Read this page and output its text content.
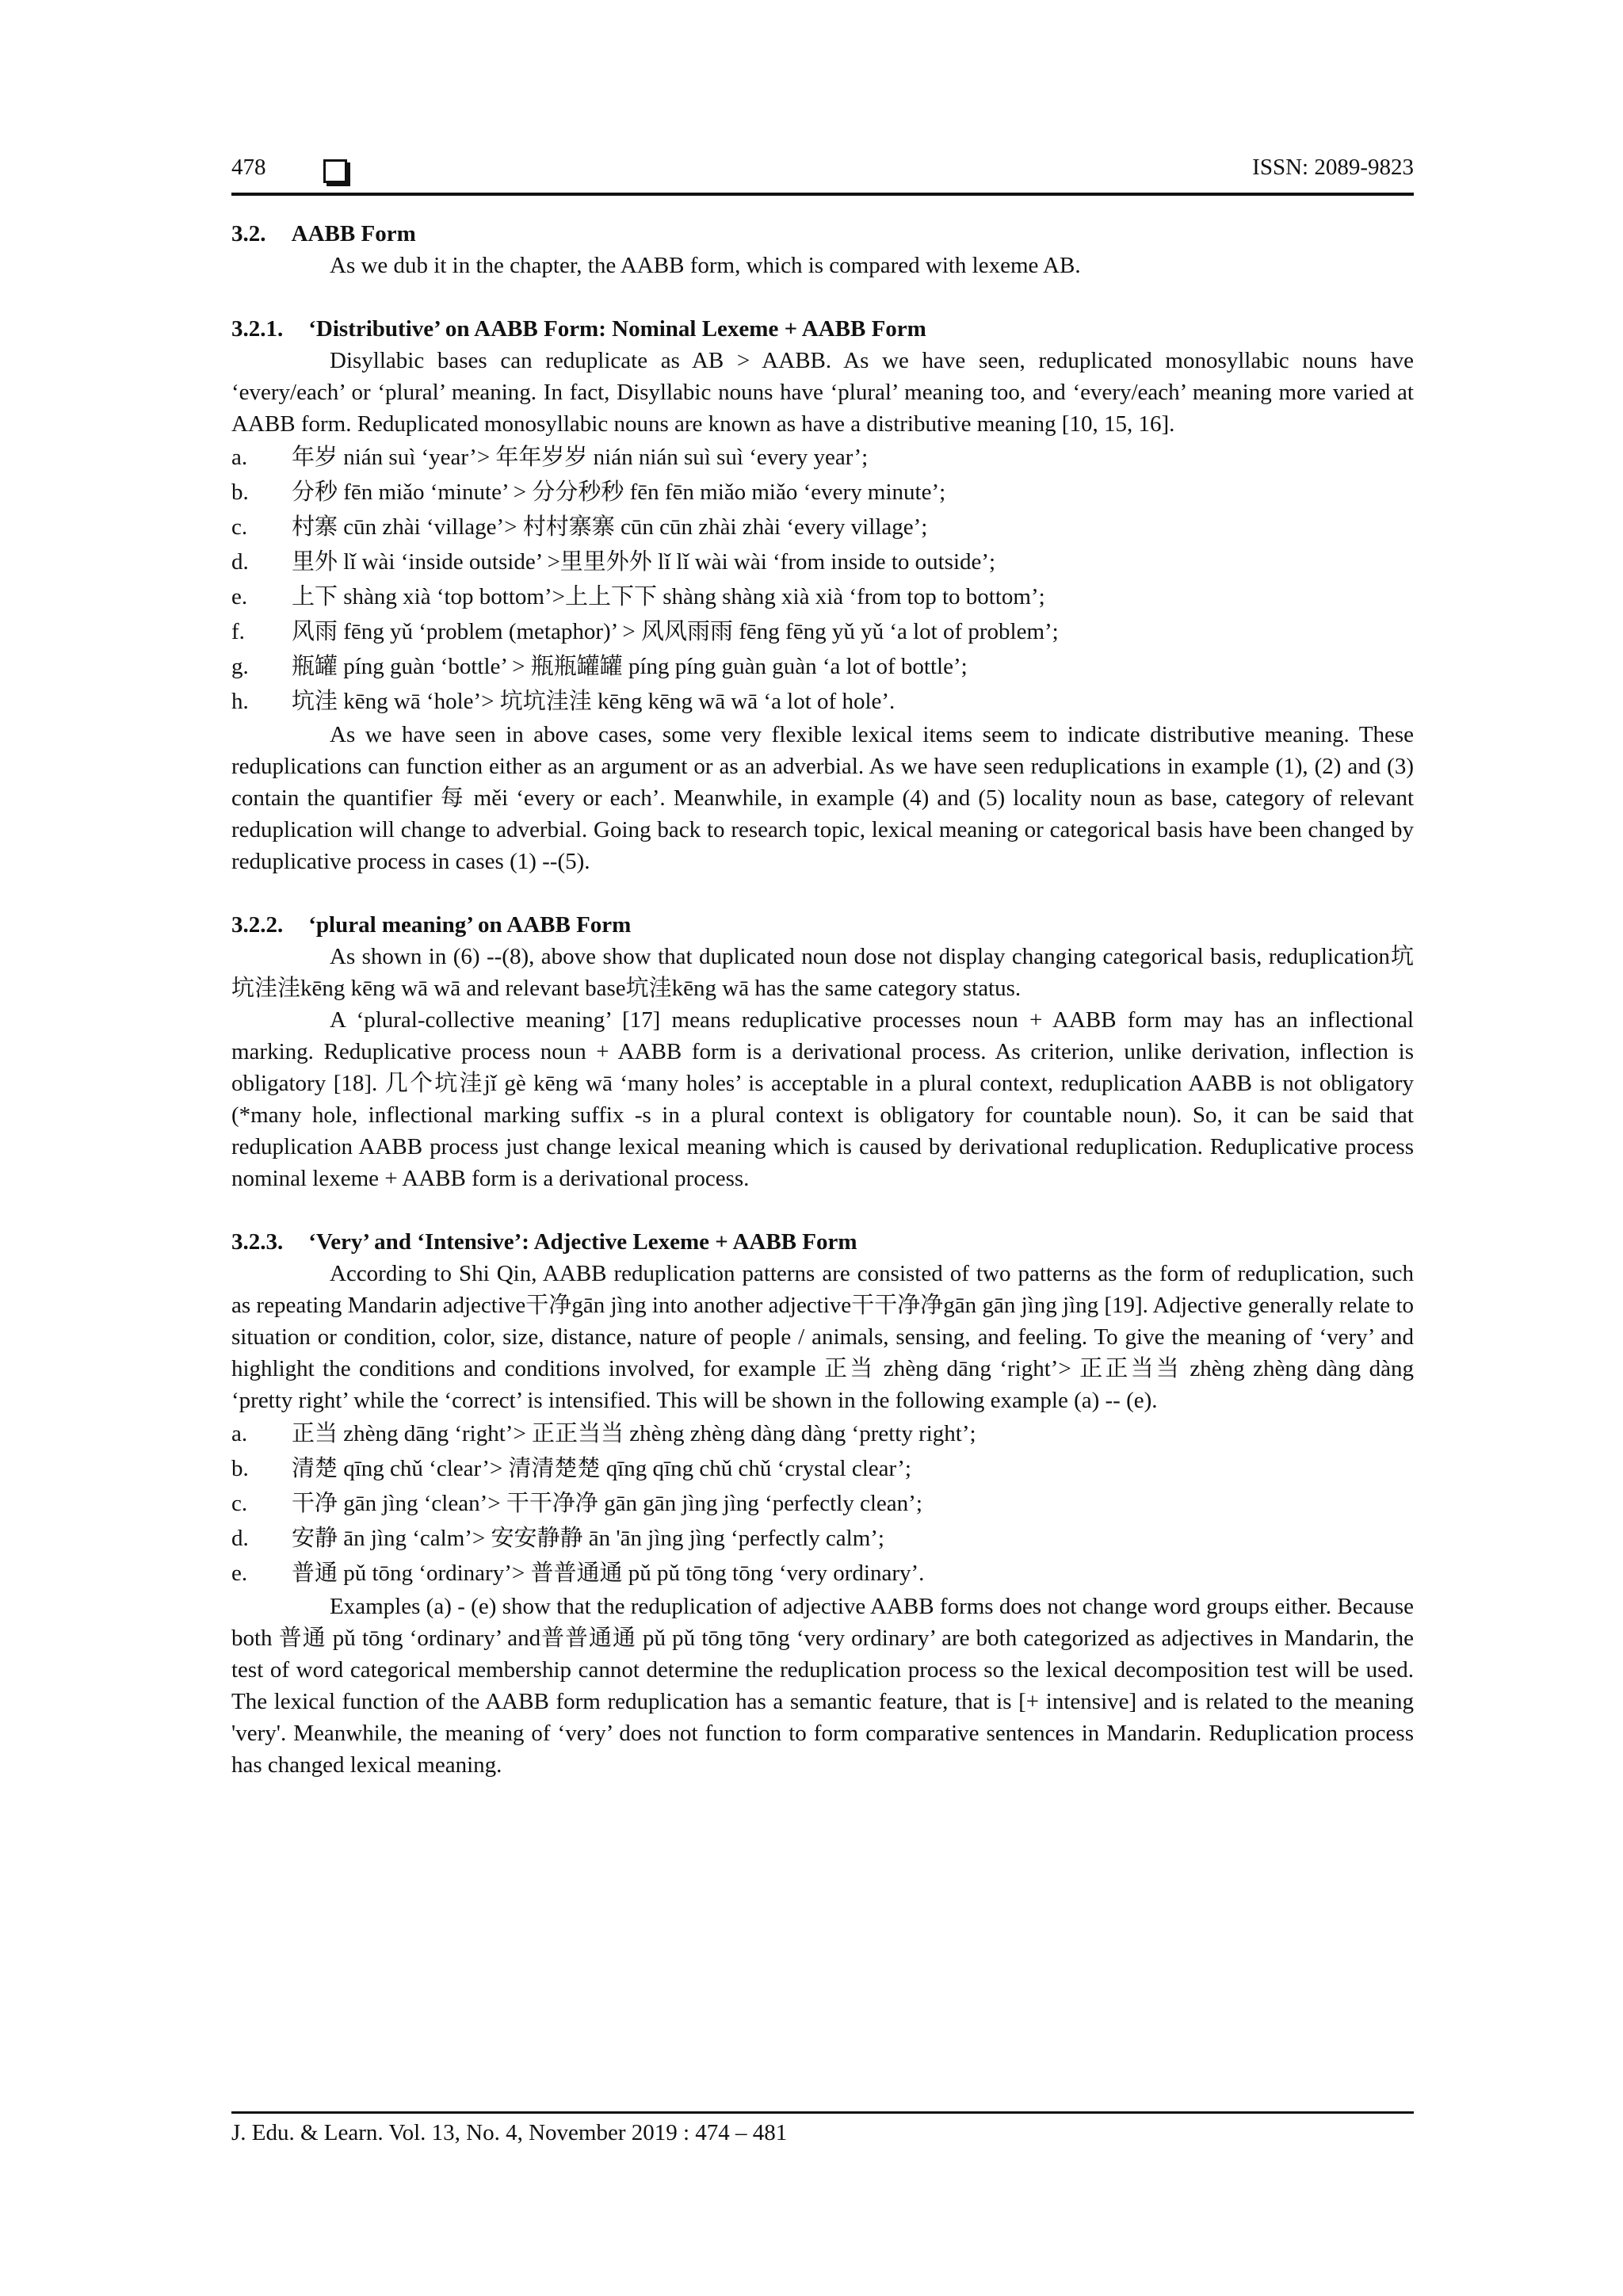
478	ISSN: 2089-9823
3.2. AABB Form

As we dub it in the chapter, the AABB form, which is compared with lexeme AB.

3.2.1. ‘Distributive’ on AABB Form: Nominal Lexeme + AABB Form

Disyllabic bases can reduplicate as AB > AABB. As we have seen, reduplicated monosyllabic nouns have ‘every/each’ or ‘plural’ meaning. In fact, Disyllabic nouns have ‘plural’ meaning too, and ‘every/each’ meaning more varied at AABB form. Reduplicated monosyllabic nouns are known as have a distributive meaning [10, 15, 16].

a. 年岁 nián suì ‘year’> 年年岁岁 nián nián suì suì ‘every year’;
b. 分秒 fēn miǎo ‘minute’ > 分分秒秒 fēn fēn miǎo miǎo ‘every minute’;
c. 村寨 cūn zhài ‘village’> 村村寨寨 cūn cūn zhài zhài ‘every village’;
d. 里外 lǐ wài ‘inside outside’ >里里外外 lǐ lǐ wài wài ‘from inside to outside’;
e. 上下 shàng xià ‘top bottom’>上上下下 shàng shàng xià xià ‘from top to bottom’;
f. 风雨 fēng yǔ ‘problem (metaphor)’ > 风风雨雨 fēng fēng yǔ yǔ ‘a lot of problem’;
g. 瓶罐 píng guàn ‘bottle’ > 瓶瓶罐罐 píng píng guàn guàn ‘a lot of bottle’;
h. 坑洼 kēng wā ‘hole’> 坑坑洼洼 kēng kēng wā wā ‘a lot of hole’.

As we have seen in above cases, some very flexible lexical items seem to indicate distributive meaning. These reduplications can function either as an argument or as an adverbial. As we have seen reduplications in example (1), (2) and (3) contain the quantifier 每 měi ‘every or each’. Meanwhile, in example (4) and (5) locality noun as base, category of relevant reduplication will change to adverbial. Going back to research topic, lexical meaning or categorical basis have been changed by reduplicative process in cases (1) --(5).

3.2.2. ‘plural meaning’ on AABB Form

As shown in (6) --(8), above show that duplicated noun dose not display changing categorical basis, reduplication坑坑洼洼kēng kēng wā wā and relevant base坑洼kēng wā has the same category status.

A ‘plural-collective meaning’ [17] means reduplicative processes noun + AABB form may has an inflectional marking. Reduplicative process noun + AABB form is a derivational process. As criterion, unlike derivation, inflection is obligatory [18]. 几个坑洼jǐ gè kēng wā ‘many holes’ is acceptable in a plural context, reduplication AABB is not obligatory (*many hole, inflectional marking suffix -s in a plural context is obligatory for countable noun). So, it can be said that reduplication AABB process just change lexical meaning which is caused by derivational reduplication. Reduplicative process nominal lexeme + AABB form is a derivational process.

3.2.3. ‘Very’ and ‘Intensive’: Adjective Lexeme + AABB Form

According to Shi Qin, AABB reduplication patterns are consisted of two patterns as the form of reduplication, such as repeating Mandarin adjective干净gān jìng into another adjective干干净净gān gān jìng jìng [19]. Adjective generally relate to situation or condition, color, size, distance, nature of people / animals, sensing, and feeling. To give the meaning of ‘very’ and highlight the conditions and conditions involved, for example 正当 zhèng dāng ‘right’> 正正当当 zhèng zhèng dàng dàng ‘pretty right’ while the ‘correct’ is intensified. This will be shown in the following example (a) -- (e).

a. 正当 zhèng dāng ‘right’> 正正当当 zhèng zhèng dàng dàng ‘pretty right’;
b. 清楚 qīng chǔ ‘clear’> 清清楚楚 qīng qīng chǔ chǔ ‘crystal clear’;
c. 干净 gān jìng ‘clean’> 干干净净 gān gān jìng jìng ‘perfectly clean’;
d. 安静 ān jìng ‘calm’> 安安静静 ān 'ān jìng jìng ‘perfectly calm’;
e. 普通 pǔ tōng ‘ordinary’> 普普通通 pǔ pǔ tōng tōng ‘very ordinary’.

Examples (a) - (e) show that the reduplication of adjective AABB forms does not change word groups either. Because both 普通 pǔ tōng ‘ordinary’ and普普通通 pǔ pǔ tōng tōng ‘very ordinary’ are both categorized as adjectives in Mandarin, the test of word categorical membership cannot determine the reduplication process so the lexical decomposition test will be used. The lexical function of the AABB form reduplication has a semantic feature, that is [+ intensive] and is related to the meaning 'very'. Meanwhile, the meaning of ‘very’ does not function to form comparative sentences in Mandarin. Reduplication process has changed lexical meaning.

J. Edu. & Learn. Vol. 13, No. 4, November 2019 : 474 – 481
